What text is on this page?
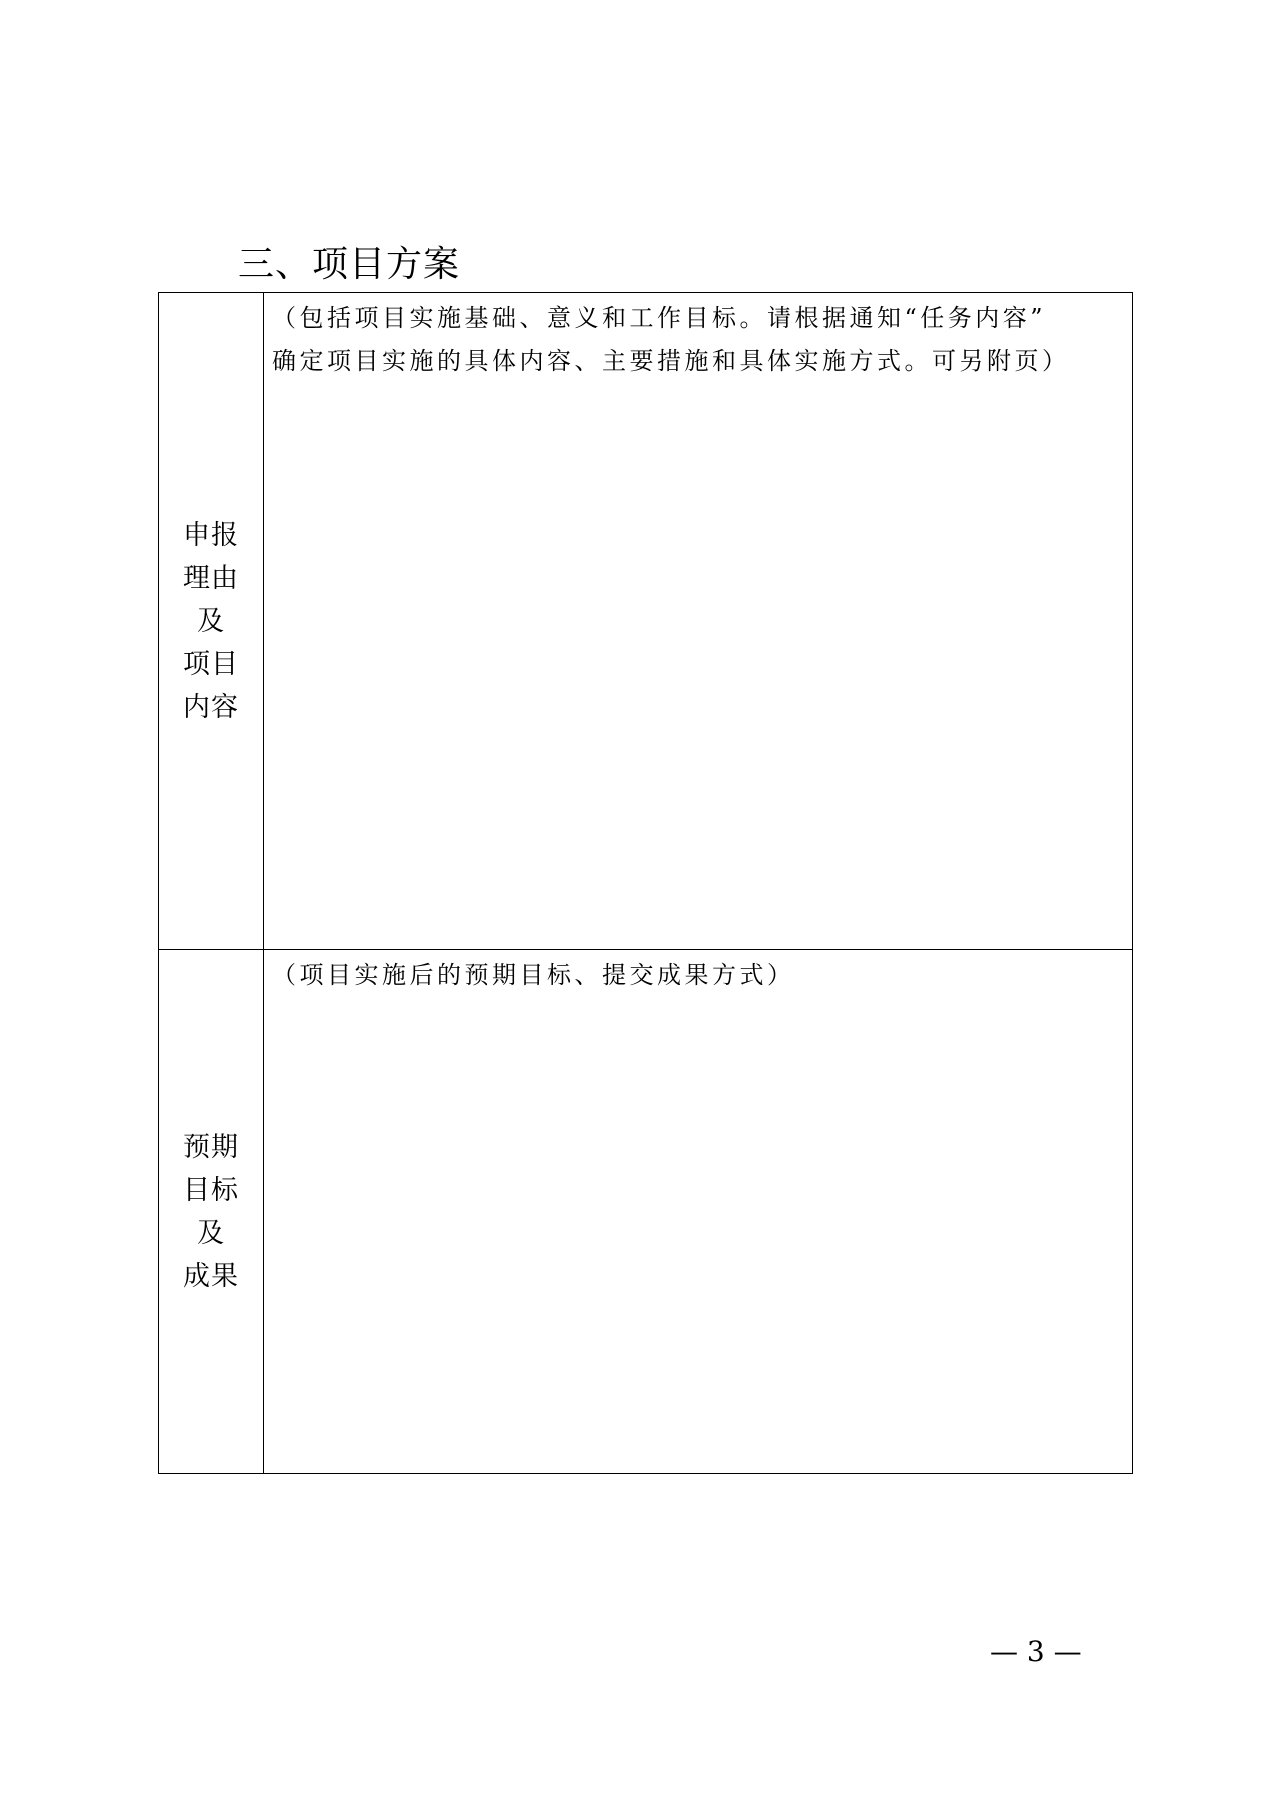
三、项目方案
申报
理由
及
项目
内容	（包括项目实施基础、意义和工作目标。请根据通知“任务内容”
确定项目实施的具体内容、主要措施和具体实施方式。可另附页）

预期
目标
及
成果	（项目实施后的预期目标、提交成果方式）
— 3 —
